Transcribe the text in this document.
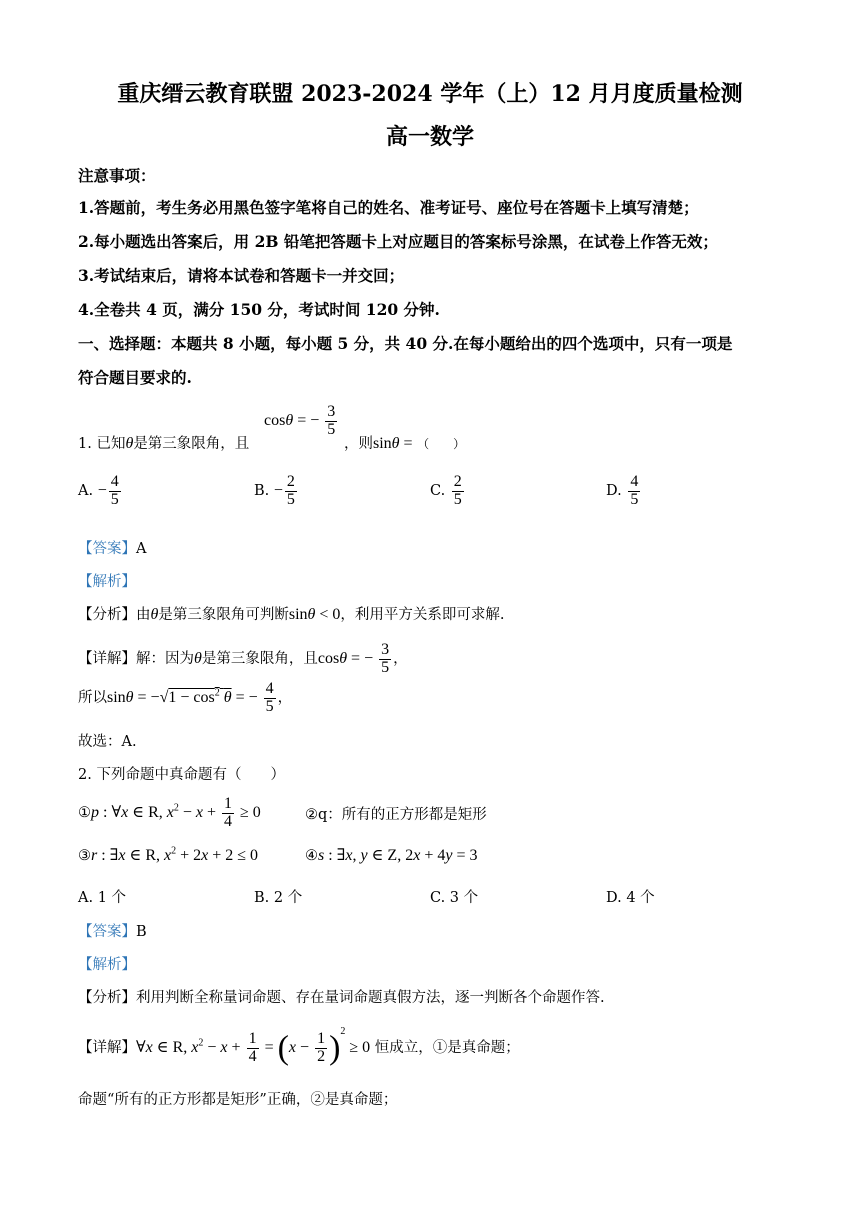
重庆缙云教育联盟 2023-2024 学年（上）12 月月度质量检测
高一数学
注意事项：
1.答题前，考生务必用黑色签字笔将自己的姓名、准考证号、座位号在答题卡上填写清楚；
2.每小题选出答案后，用 2B 铅笔把答题卡上对应题目的答案标号涂黑，在试卷上作答无效；
3.考试结束后，请将本试卷和答题卡一并交回；
4.全卷共 4 页，满分 150 分，考试时间 120 分钟.
一、选择题：本题共 8 小题，每小题 5 分，共 40 分.在每小题给出的四个选项中，只有一项是
符合题目要求的.
1. 已知θ是第三象限角，且
cosθ = − $\frac{3}{5}$
，则sinθ = （　　）
A. − $\frac{4}{5}$	B. − $\frac{2}{5}$	C. $\frac{2}{5}$	D. $\frac{4}{5}$
【答案】A
【解析】
【分析】由θ是第三象限角可判断sinθ < 0，利用平方关系即可求解.
【详解】解：因为θ是第三象限角，且cosθ = − $\frac{3}{5}$ ，
所以$\sin\theta = -√1 - \cos^2 \theta$ = − $\frac{4}{5}$ ，
故选：A.
2. 下列命题中真命题有（　　）
①p : ∀x ∈ R, $x^2 - x + \frac{1}{4} \ge 0$	②q：所有的正方形都是矩形
③r : ∃x ∈ R, $x^2 + 2x + 2 \le 0$	④s : ∃x, y ∈ Z, 2x + 4y = 3
A. 1 个	B. 2 个	C. 3 个	D. 4 个
【答案】B
【解析】
【分析】利用判断全称量词命题、存在量词命题真假方法，逐一判断各个命题作答.
【详解】∀x ∈ R, $x^2 - x + \frac{1}{4} = (x - \frac{1}{2} )^2 \ge 0$ 恒成立，①是真命题；
命题“所有的正方形都是矩形”正确，②是真命题；
